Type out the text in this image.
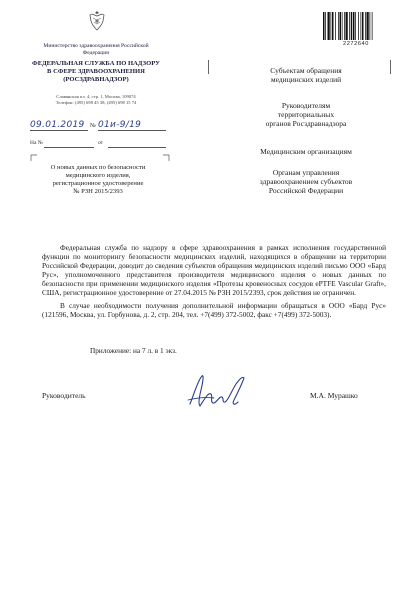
Министерство здравоохранения Российской Федерации
ФЕДЕРАЛЬНАЯ СЛУЖБА ПО НАДЗОРУ
В СФЕРЕ ЗДРАВООХРАНЕНИЯ
(РОСЗДРАВНАДЗОР)
Славянская пл. 4, стр. 1, Москва, 109074
Телефон: (495) 698 45 38; (495) 698 15 74
№
09.01.2019 01и-9/19
На №	от
О новых данных по безопасности
медицинского изделия,
регистрационное удостоверение
№ РЗН 2015/2393
2272640
Субъектам обращения
медицинских изделий
Руководителям
территориальных
органов Росздравнадзора
Медицинским организациям
Органам управления
здравоохранением субъектов
Российской Федерации

Федеральная служба по надзору в сфере здравоохранения в рамках исполнения государственной функции по мониторингу безопасности медицинских изделий, находящихся в обращении на территории Российской Федерации, доводит до сведения субъектов обращения медицинских изделий письмо ООО «Бард Рус», уполномоченного представителя производителя медицинского изделия о новых данных по безопасности при применении медицинского изделия «Протезы кровеносных сосудов ePTFE Vascular Graft», США, регистрационное удостоверение от 27.04.2015 № РЗН 2015/2393, срок действия не ограничен.

В случае необходимости получения дополнительной информации обращаться в ООО «Бард Рус» (121596, Москва, ул. Горбунова, д. 2, стр. 204, тел. +7(499) 372-5002, факс +7(499) 372-5003).

Приложение: на 7 л. в 1 экз.
Руководитель	М.А. Мурашко
